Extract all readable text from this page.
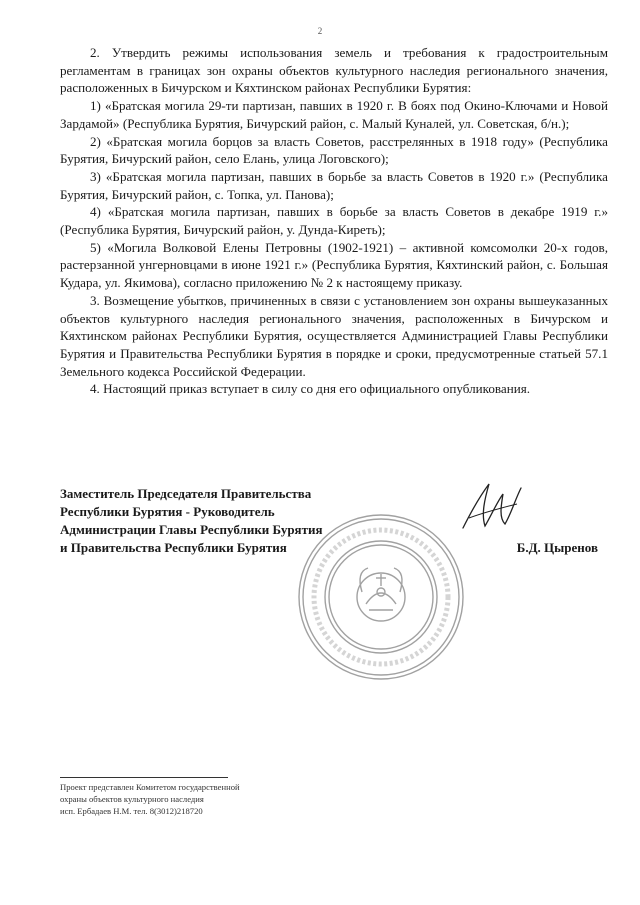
2

2. Утвердить режимы использования земель и требования к градостроительным регламентам в границах зон охраны объектов культурного наследия регионального значения, расположенных в Бичурском и Кяхтинском районах Республики Бурятия:

1) «Братская могила 29-ти партизан, павших в 1920 г. В боях под Окино-Ключами и Новой Зардамой» (Республика Бурятия, Бичурский район, с. Малый Куналей, ул. Советская, б/н.);

2) «Братская могила борцов за власть Советов, расстрелянных в 1918 году» (Республика Бурятия, Бичурский район, село Елань, улица Логовского);

3) «Братская могила партизан, павших в борьбе за власть Советов в 1920 г.» (Республика Бурятия, Бичурский район, с. Топка, ул. Панова);

4) «Братская могила партизан, павших в борьбе за власть Советов в декабре 1919 г.» (Республика Бурятия, Бичурский район, у. Дунда-Киреть);

5) «Могила Волковой Елены Петровны (1902-1921) – активной комсомолки 20-х годов, растерзанной унгерновцами в июне 1921 г.» (Республика Бурятия, Кяхтинский район, с. Большая Кудара, ул. Якимова), согласно приложению № 2 к настоящему приказу.

3. Возмещение убытков, причиненных в связи с установлением зон охраны вышеуказанных объектов культурного наследия регионального значения, расположенных в Бичурском и Кяхтинском районах Республики Бурятия, осуществляется Администрацией Главы Республики Бурятия и Правительства Республики Бурятия в порядке и сроки, предусмотренные статьей 57.1 Земельного кодекса Российской Федерации.

4. Настоящий приказ вступает в силу со дня его официального опубликования.

Заместитель Председателя Правительства
Республики Бурятия - Руководитель
Администрации Главы Республики Бурятия
и Правительства Республики Бурятия	Б.Д. Цыренов
Проект представлен Комитетом государственной
охраны объектов культурного наследия
исп. Ербадаев Н.М. тел. 8(3012)218720
